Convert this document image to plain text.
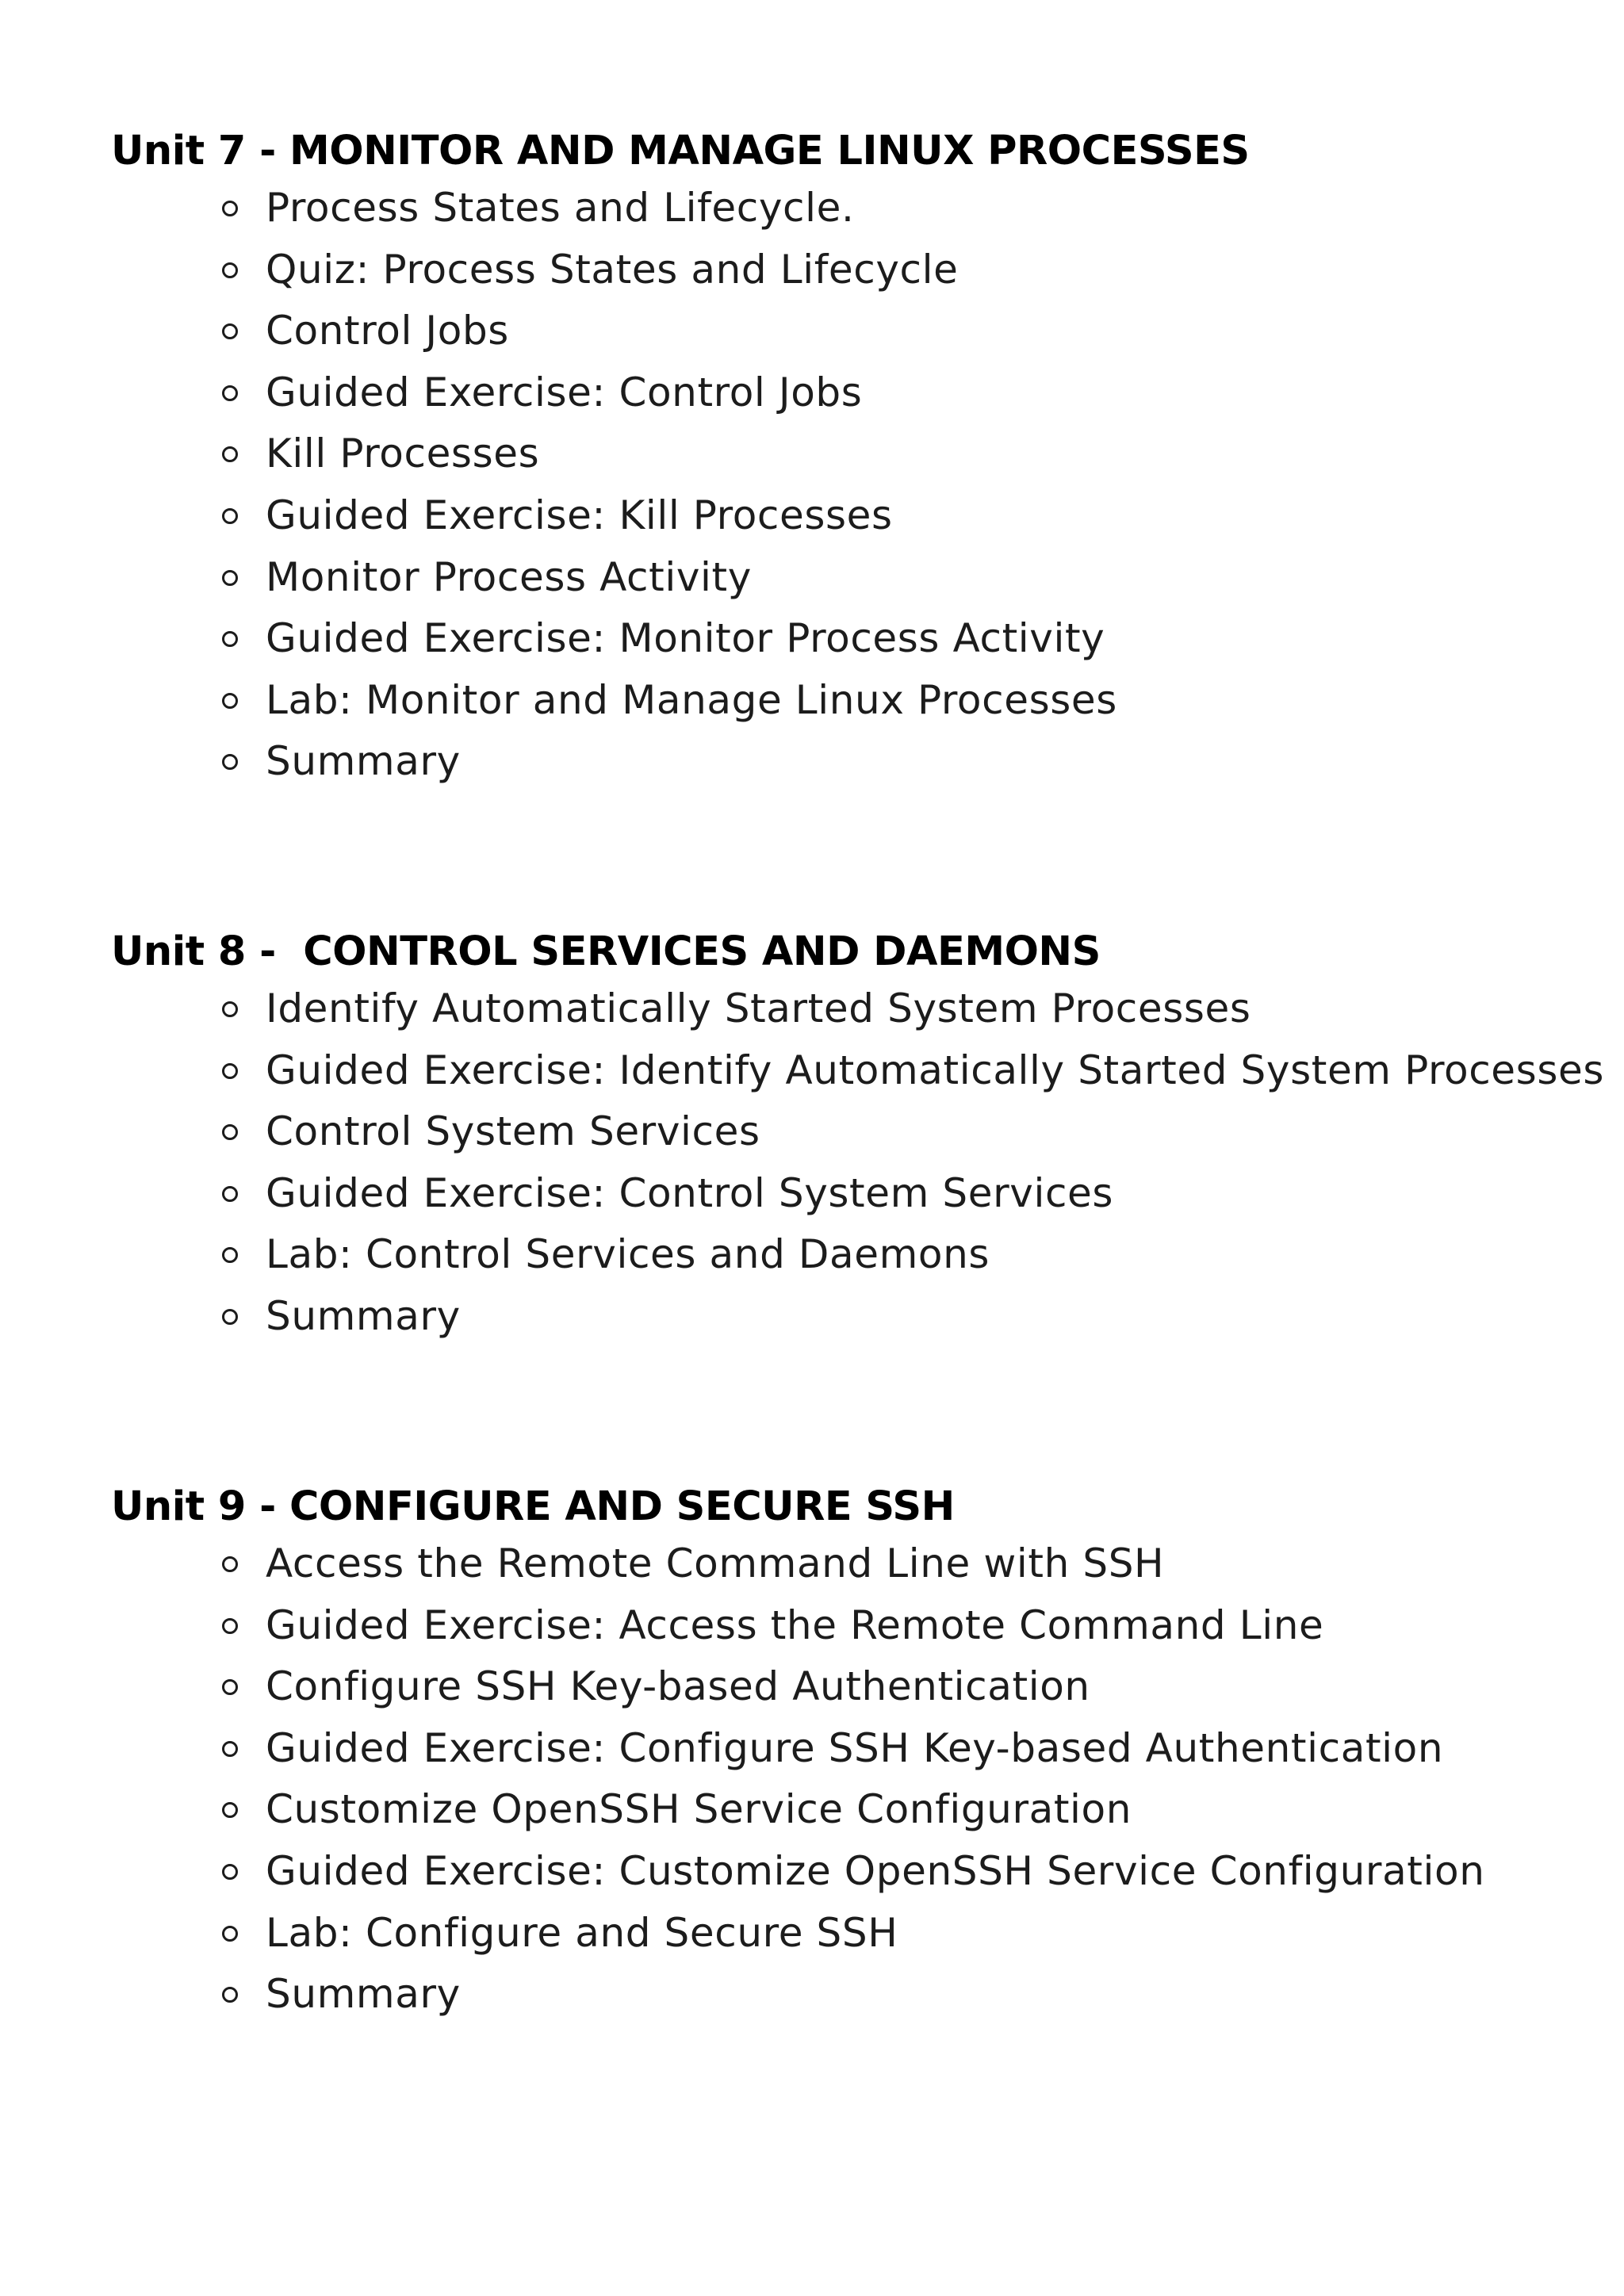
Unit 7 - MONITOR AND MANAGE LINUX PROCESSES
Process States and Lifecycle.
Quiz: Process States and Lifecycle
Control Jobs
Guided Exercise: Control Jobs
Kill Processes
Guided Exercise: Kill Processes
Monitor Process Activity
Guided Exercise: Monitor Process Activity
Lab: Monitor and Manage Linux Processes
Summary
Unit 8 -  CONTROL SERVICES AND DAEMONS
Identify Automatically Started System Processes
Guided Exercise: Identify Automatically Started System Processes
Control System Services
Guided Exercise: Control System Services
Lab: Control Services and Daemons
Summary
Unit 9 - CONFIGURE AND SECURE SSH
Access the Remote Command Line with SSH
Guided Exercise: Access the Remote Command Line
Configure SSH Key-based Authentication
Guided Exercise: Configure SSH Key-based Authentication
Customize OpenSSH Service Configuration
Guided Exercise: Customize OpenSSH Service Configuration
Lab: Configure and Secure SSH
Summary
